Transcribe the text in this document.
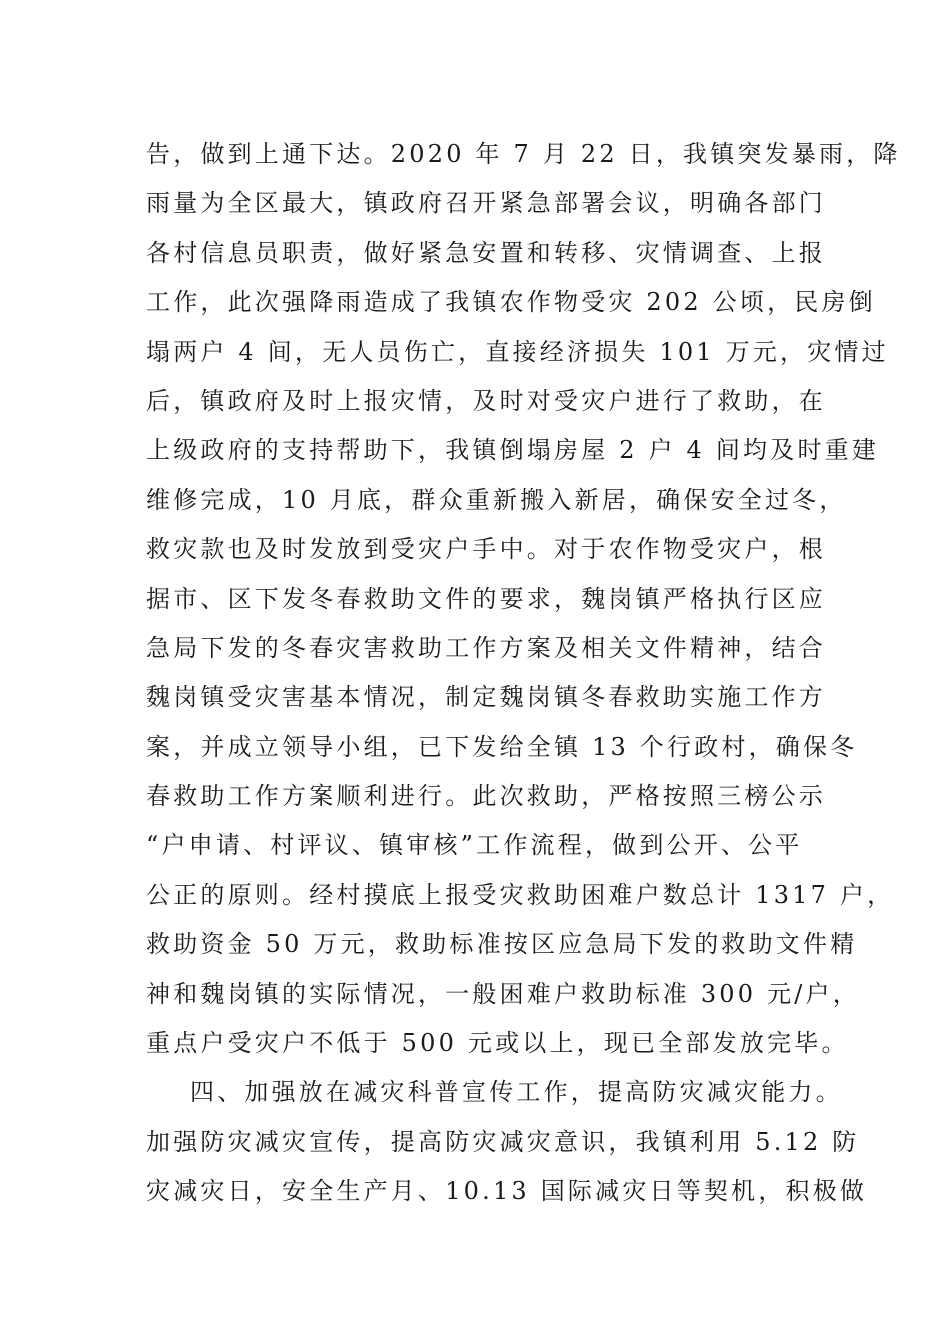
告，做到上通下达。2020 年 7 月 22 日，我镇突发暴雨，降
雨量为全区最大，镇政府召开紧急部署会议，明确各部门
各村信息员职责，做好紧急安置和转移、灾情调查、上报
工作，此次强降雨造成了我镇农作物受灾 202 公顷，民房倒
塌两户 4 间，无人员伤亡，直接经济损失 101 万元，灾情过
后，镇政府及时上报灾情，及时对受灾户进行了救助，在
上级政府的支持帮助下，我镇倒塌房屋 2 户 4 间均及时重建
维修完成，10 月底，群众重新搬入新居，确保安全过冬，
救灾款也及时发放到受灾户手中。对于农作物受灾户，根
据市、区下发冬春救助文件的要求，魏岗镇严格执行区应
急局下发的冬春灾害救助工作方案及相关文件精神，结合
魏岗镇受灾害基本情况，制定魏岗镇冬春救助实施工作方
案，并成立领导小组，已下发给全镇 13 个行政村，确保冬
春救助工作方案顺利进行。此次救助，严格按照三榜公示
“户申请、村评议、镇审核”工作流程，做到公开、公平
公正的原则。经村摸底上报受灾救助困难户数总计 1317 户，
救助资金 50 万元，救助标准按区应急局下发的救助文件精
神和魏岗镇的实际情况，一般困难户救助标准 300 元/户，
重点户受灾户不低于 500 元或以上，现已全部发放完毕。
四、加强放在减灾科普宣传工作，提高防灾减灾能力。
加强防灾减灾宣传，提高防灾减灾意识，我镇利用 5.12 防
灾减灾日，安全生产月、10.13 国际减灾日等契机，积极做
